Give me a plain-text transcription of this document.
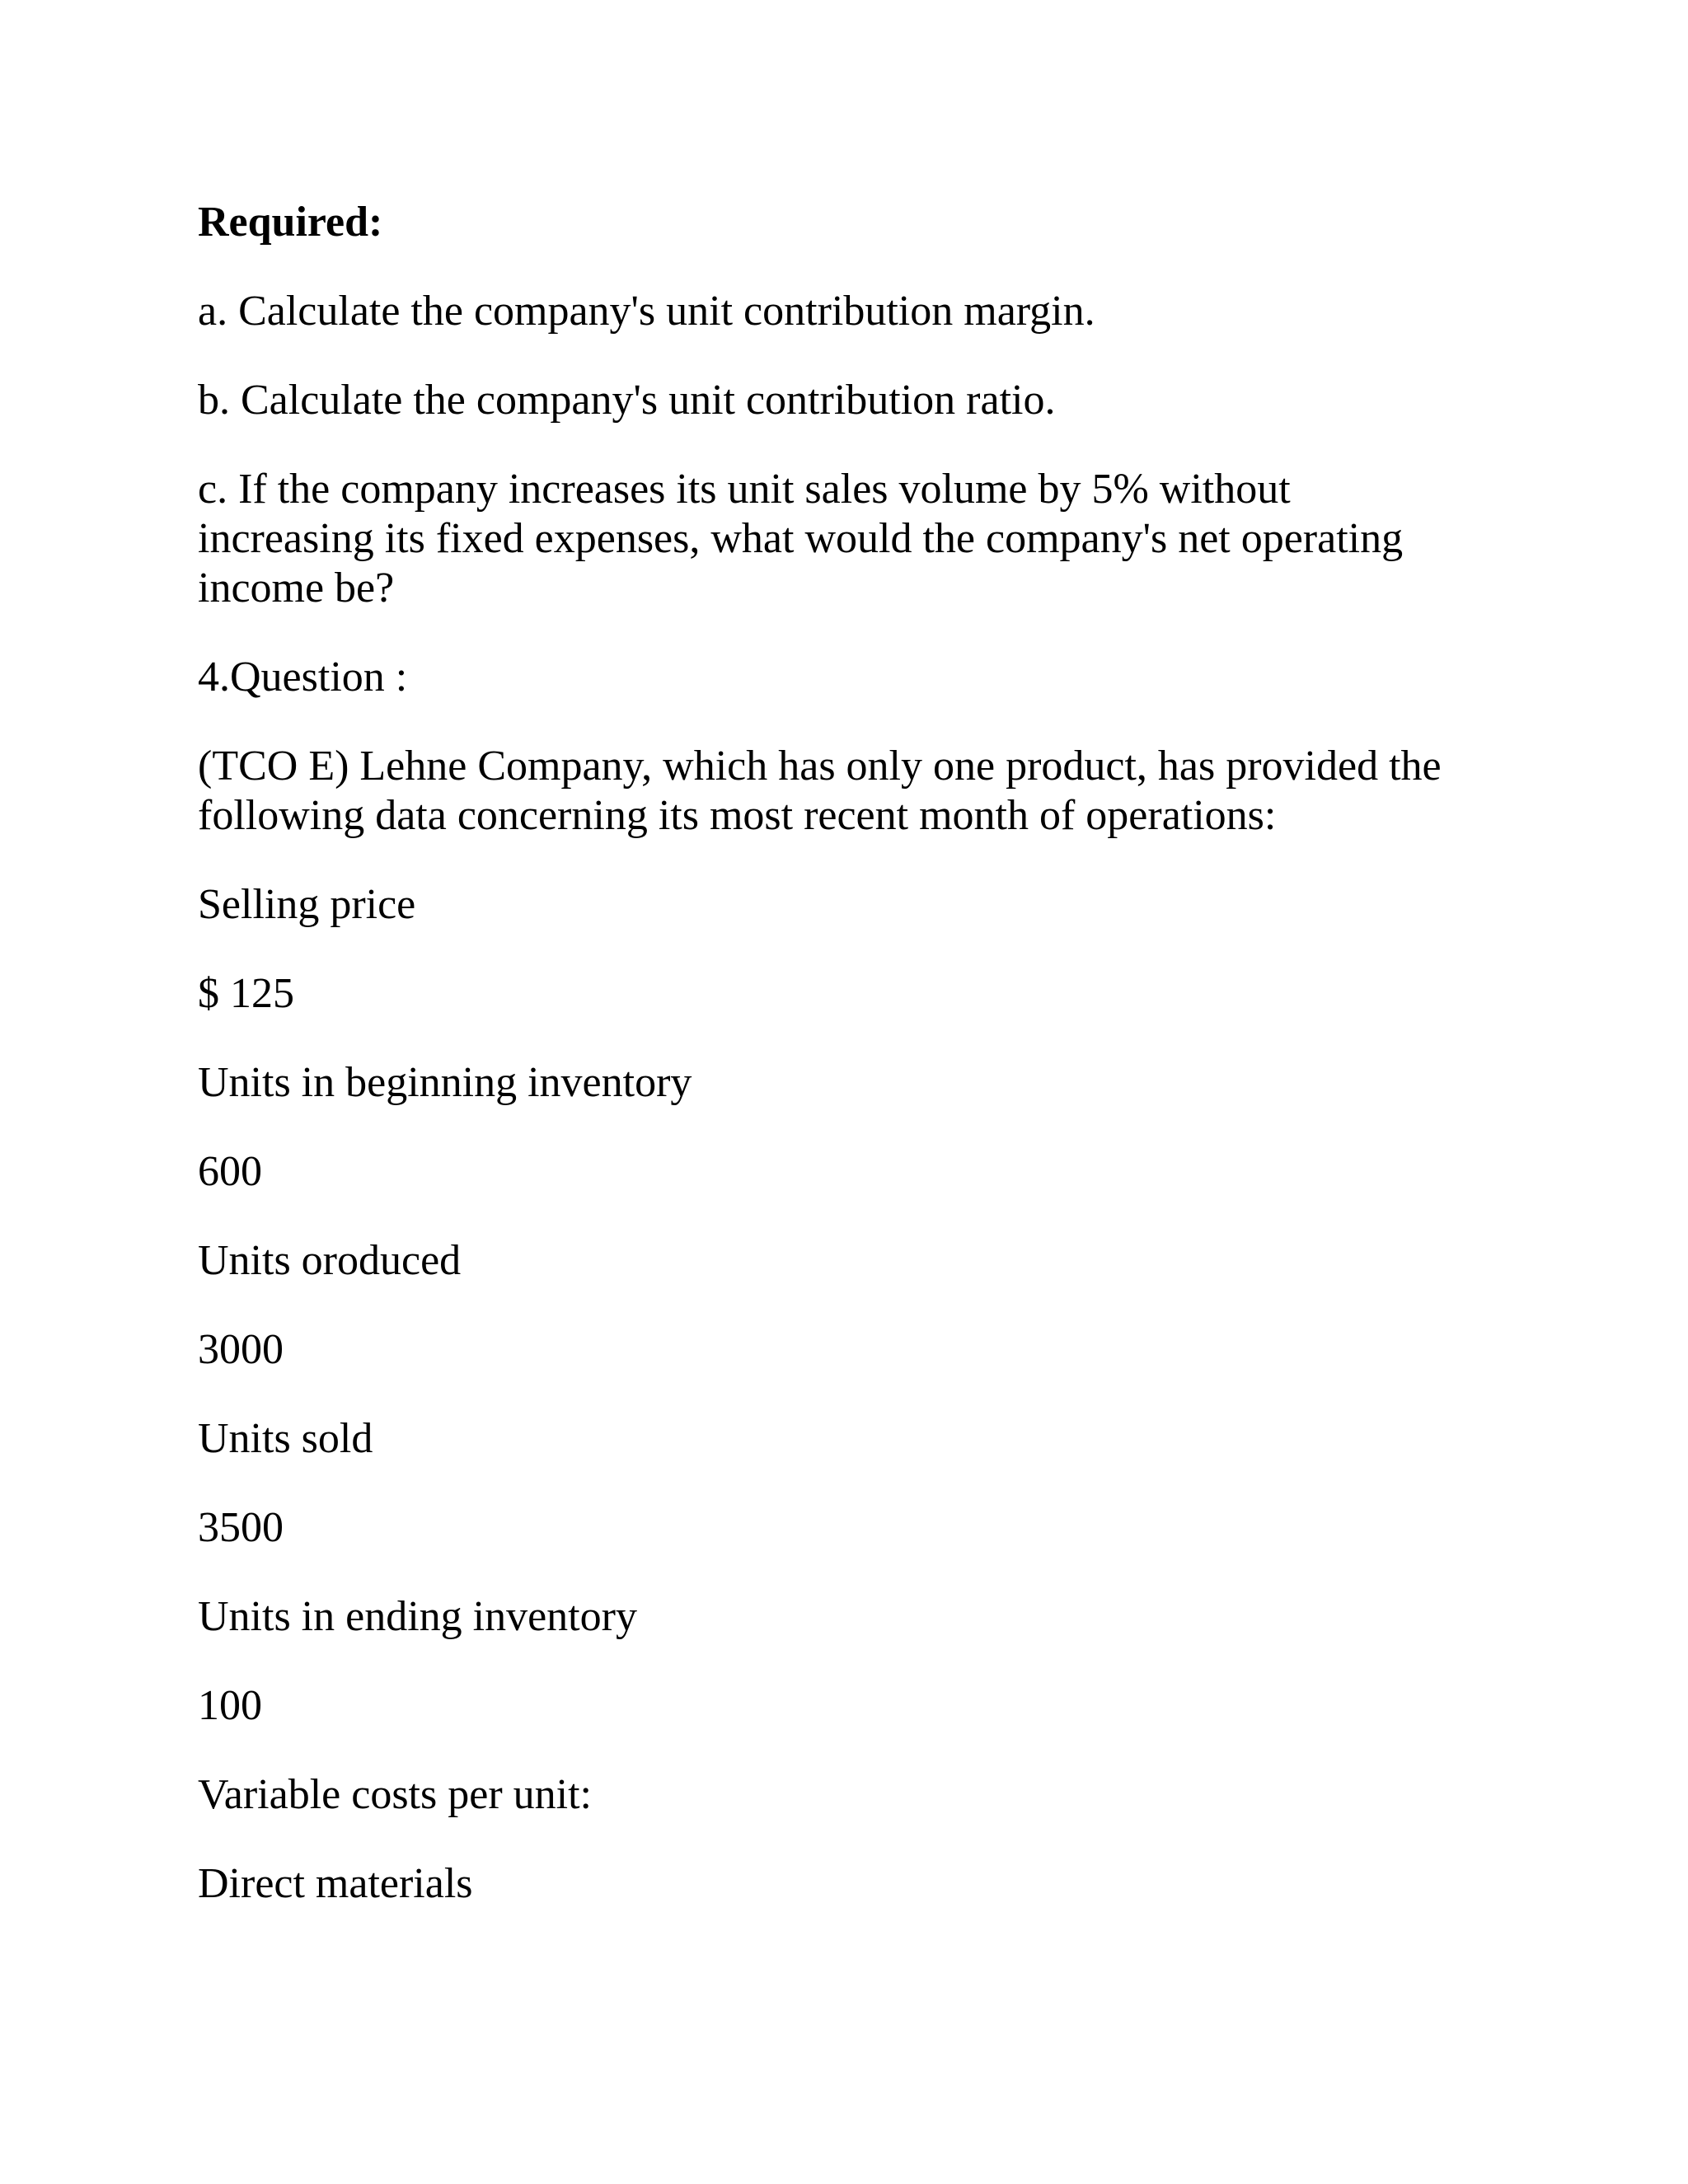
Required:

a. Calculate the company's unit contribution margin.

b. Calculate the company's unit contribution ratio.

c. If the company increases its unit sales volume by 5% without

increasing its fixed expenses, what would the company's net operating

income be?

4.Question :

(TCO E) Lehne Company, which has only one product, has provided the

following data concerning its most recent month of operations:

Selling price

$ 125

Units in beginning inventory

600

Units oroduced

3000

Units sold

3500

Units in ending inventory

100

Variable costs per unit:

Direct materials
